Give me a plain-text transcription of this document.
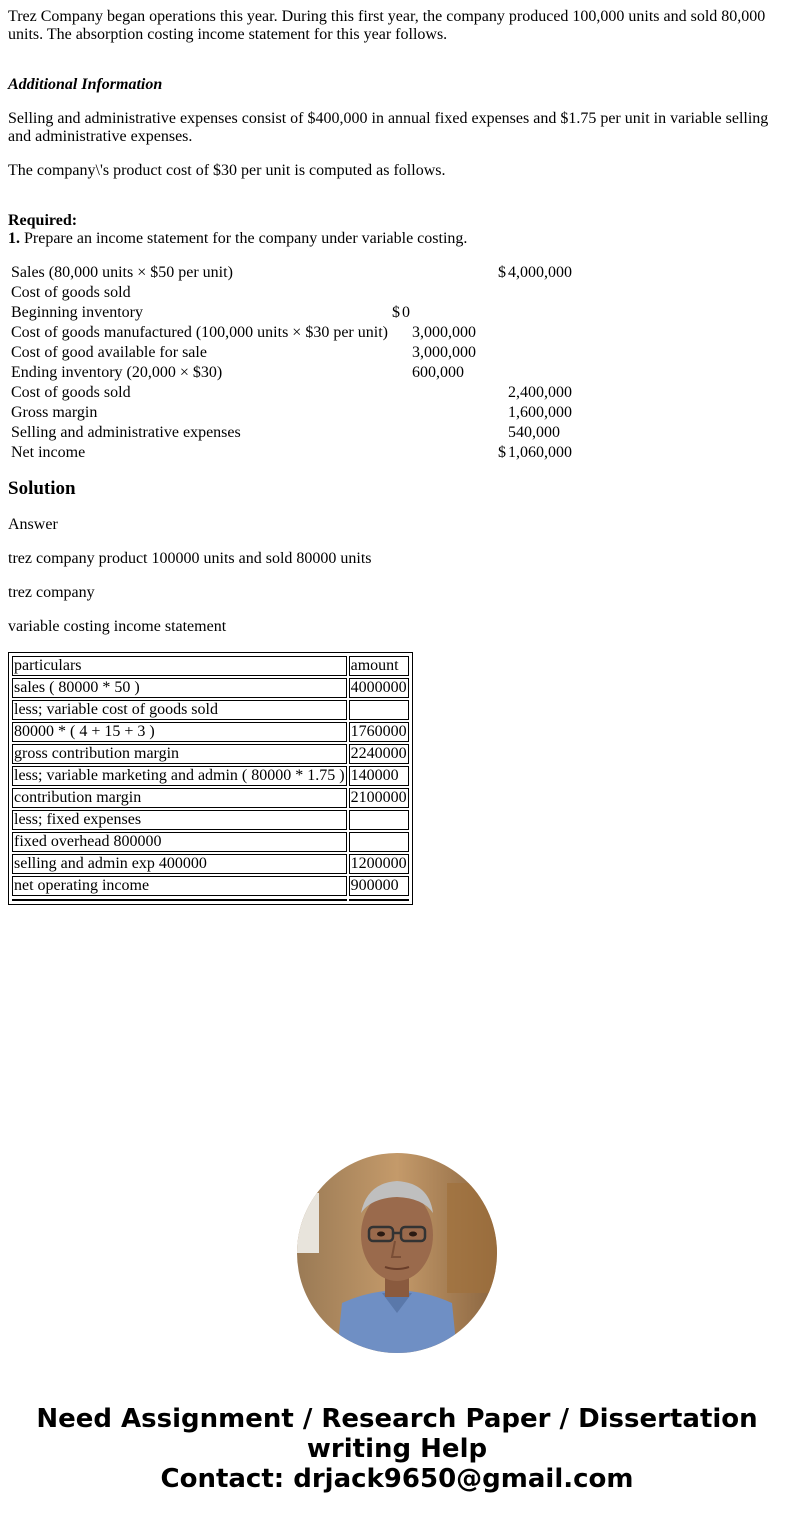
Trez Company began operations this year. During this first year, the company produced 100,000 units and sold 80,000 units. The absorption costing income statement for this year follows.

Additional Information

Selling and administrative expenses consist of $400,000 in annual fixed expenses and $1.75 per unit in variable selling and administrative expenses.

The company\'s product cost of $30 per unit is computed as follows.

Required:
1. Prepare an income statement for the company under variable costing.

Sales (80,000 units × $50 per unit)				$	4,000,000
Cost of goods sold					
Beginning inventory	$	0			
Cost of goods manufactured (100,000 units × $30 per unit)		3,000,000			
Cost of good available for sale		3,000,000			
Ending inventory (20,000 × $30)		600,000			
Cost of goods sold					2,400,000
Gross margin					1,600,000
Selling and administrative expenses					540,000
Net income				$	1,060,000
Solution

Answer

trez company product 100000 units and sold 80000 units

trez company

variable costing income statement

particulars	amount
sales ( 80000 * 50 )	4000000
less; variable cost of goods sold	
80000 * ( 4 + 15 + 3 )	1760000
gross contribution margin	2240000
less; variable marketing and admin ( 80000 * 1.75 )	140000
contribution margin	2100000
less; fixed expenses	
fixed overhead 800000	
selling and admin exp 400000	1200000
net operating income	900000

Need Assignment / Research Paper / Dissertation
writing Help
Contact: drjack9650@gmail.com
